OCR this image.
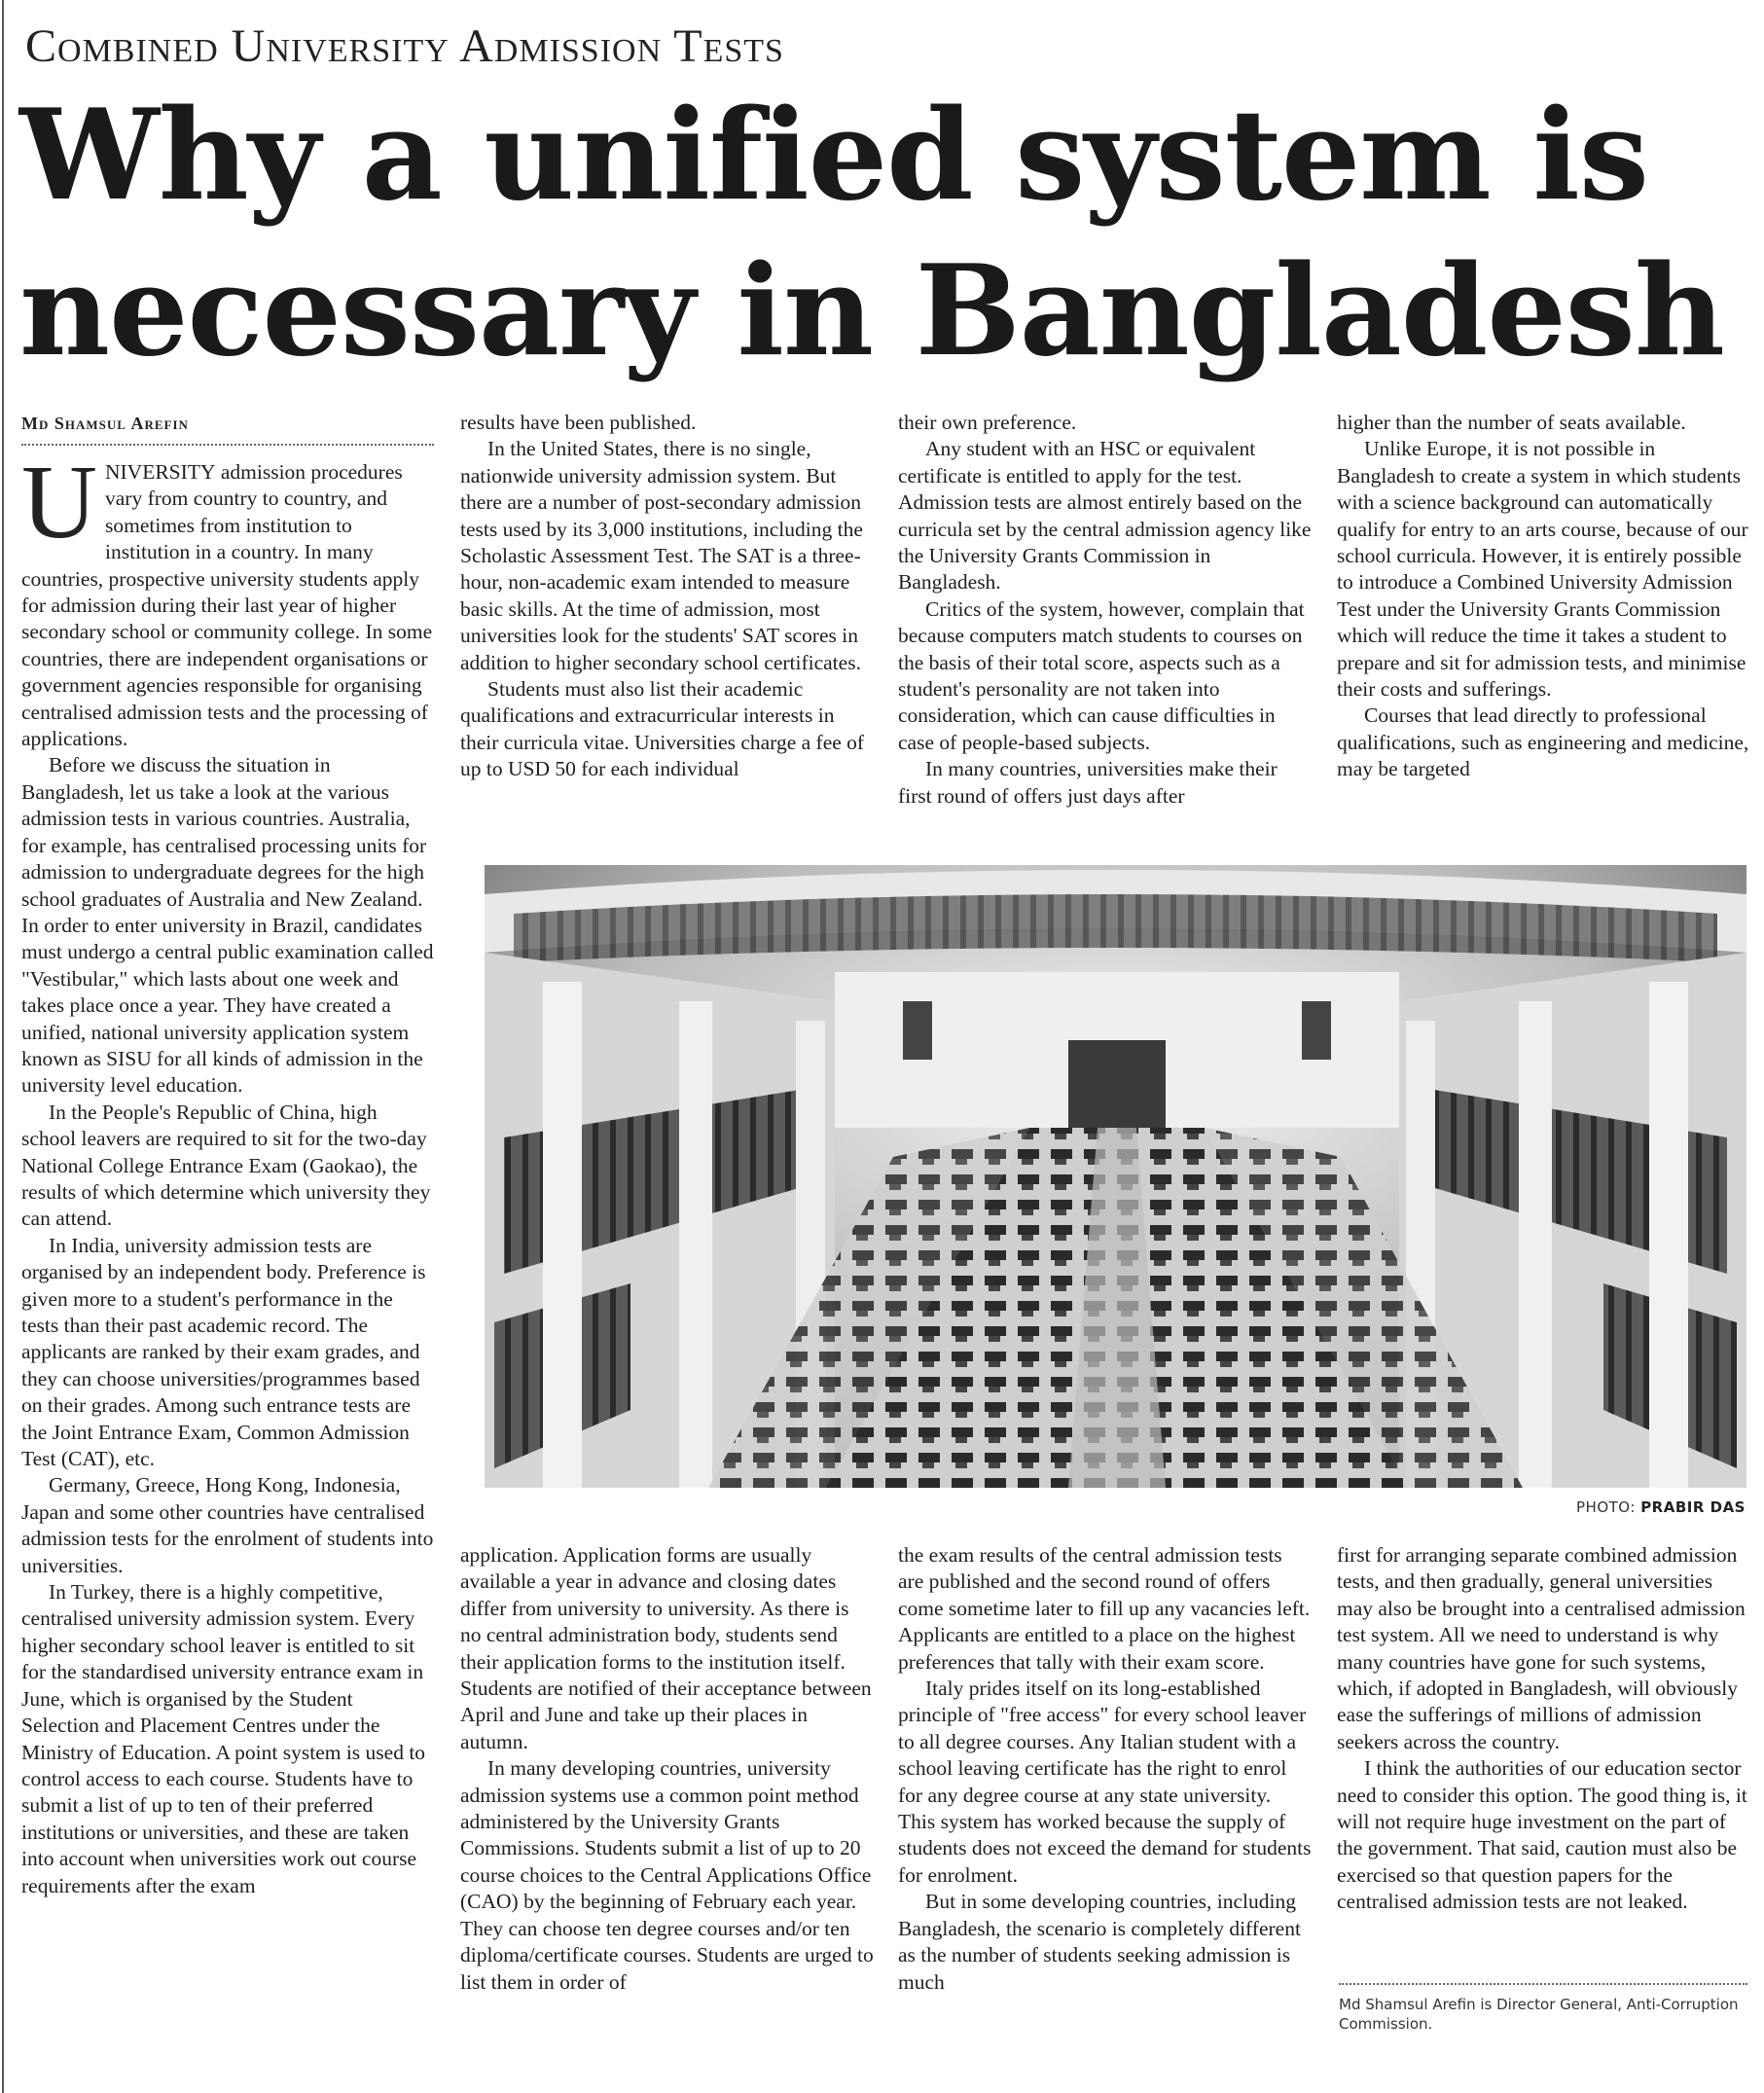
Combined University Admission Tests
Why a unified system is necessary in Bangladesh
Md Shamsul Arefin

UNIVERSITY admission procedures vary from country to country, and sometimes from institution to institution in a country. In many countries, prospective university students apply for admission during their last year of higher secondary school or community college. In some countries, there are independent organisations or government agencies responsible for organising centralised admission tests and the processing of applications.

Before we discuss the situation in Bangladesh, let us take a look at the various admission tests in various countries. Australia, for example, has centralised processing units for admission to undergraduate degrees for the high school graduates of Australia and New Zealand. In order to enter university in Brazil, candidates must undergo a central public examination called "Vestibular," which lasts about one week and takes place once a year. They have created a unified, national university application system known as SISU for all kinds of admission in the university level education.

In the People's Republic of China, high school leavers are required to sit for the two-day National College Entrance Exam (Gaokao), the results of which determine which university they can attend.

In India, university admission tests are organised by an independent body. Preference is given more to a student's performance in the tests than their past academic record. The applicants are ranked by their exam grades, and they can choose universities/programmes based on their grades. Among such entrance tests are the Joint Entrance Exam, Common Admission Test (CAT), etc.

Germany, Greece, Hong Kong, Indonesia, Japan and some other countries have centralised admission tests for the enrolment of students into universities.

In Turkey, there is a highly competitive, centralised university admission system. Every higher secondary school leaver is entitled to sit for the standardised university entrance exam in June, which is organised by the Student Selection and Placement Centres under the Ministry of Education. A point system is used to control access to each course. Students have to submit a list of up to ten of their preferred institutions or universities, and these are taken into account when universities work out course requirements after the exam

results have been published.

In the United States, there is no single, nationwide university admission system. But there are a number of post-secondary admission tests used by its 3,000 institutions, including the Scholastic Assessment Test. The SAT is a three-hour, non-academic exam intended to measure basic skills. At the time of admission, most universities look for the students' SAT scores in addition to higher secondary school certificates.

Students must also list their academic qualifications and extracurricular interests in their curricula vitae. Universities charge a fee of up to USD 50 for each individual

their own preference.

Any student with an HSC or equivalent certificate is entitled to apply for the test. Admission tests are almost entirely based on the curricula set by the central admission agency like the University Grants Commission in Bangladesh.

Critics of the system, however, complain that because computers match students to courses on the basis of their total score, aspects such as a student's personality are not taken into consideration, which can cause difficulties in case of people-based subjects.

In many countries, universities make their first round of offers just days after

higher than the number of seats available.

Unlike Europe, it is not possible in Bangladesh to create a system in which students with a science background can automatically qualify for entry to an arts course, because of our school curricula. However, it is entirely possible to introduce a Combined University Admission Test under the University Grants Commission which will reduce the time it takes a student to prepare and sit for admission tests, and minimise their costs and sufferings.

Courses that lead directly to professional qualifications, such as engineering and medicine, may be targeted

PHOTO: PRABIR DAS

application. Application forms are usually available a year in advance and closing dates differ from university to university. As there is no central administration body, students send their application forms to the institution itself. Students are notified of their acceptance between April and June and take up their places in autumn.

In many developing countries, university admission systems use a common point method administered by the University Grants Commissions. Students submit a list of up to 20 course choices to the Central Applications Office (CAO) by the beginning of February each year. They can choose ten degree courses and/or ten diploma/certificate courses. Students are urged to list them in order of

the exam results of the central admission tests are published and the second round of offers come sometime later to fill up any vacancies left. Applicants are entitled to a place on the highest preferences that tally with their exam score.

Italy prides itself on its long-established principle of "free access" for every school leaver to all degree courses. Any Italian student with a school leaving certificate has the right to enrol for any degree course at any state university. This system has worked because the supply of students does not exceed the demand for students for enrolment.

But in some developing countries, including Bangladesh, the scenario is completely different as the number of students seeking admission is much

first for arranging separate combined admission tests, and then gradually, general universities may also be brought into a centralised admission test system. All we need to understand is why many countries have gone for such systems, which, if adopted in Bangladesh, will obviously ease the sufferings of millions of admission seekers across the country.

I think the authorities of our education sector need to consider this option. The good thing is, it will not require huge investment on the part of the government. That said, caution must also be exercised so that question papers for the centralised admission tests are not leaked.

Md Shamsul Arefin is Director General, Anti-Corruption Commission.
